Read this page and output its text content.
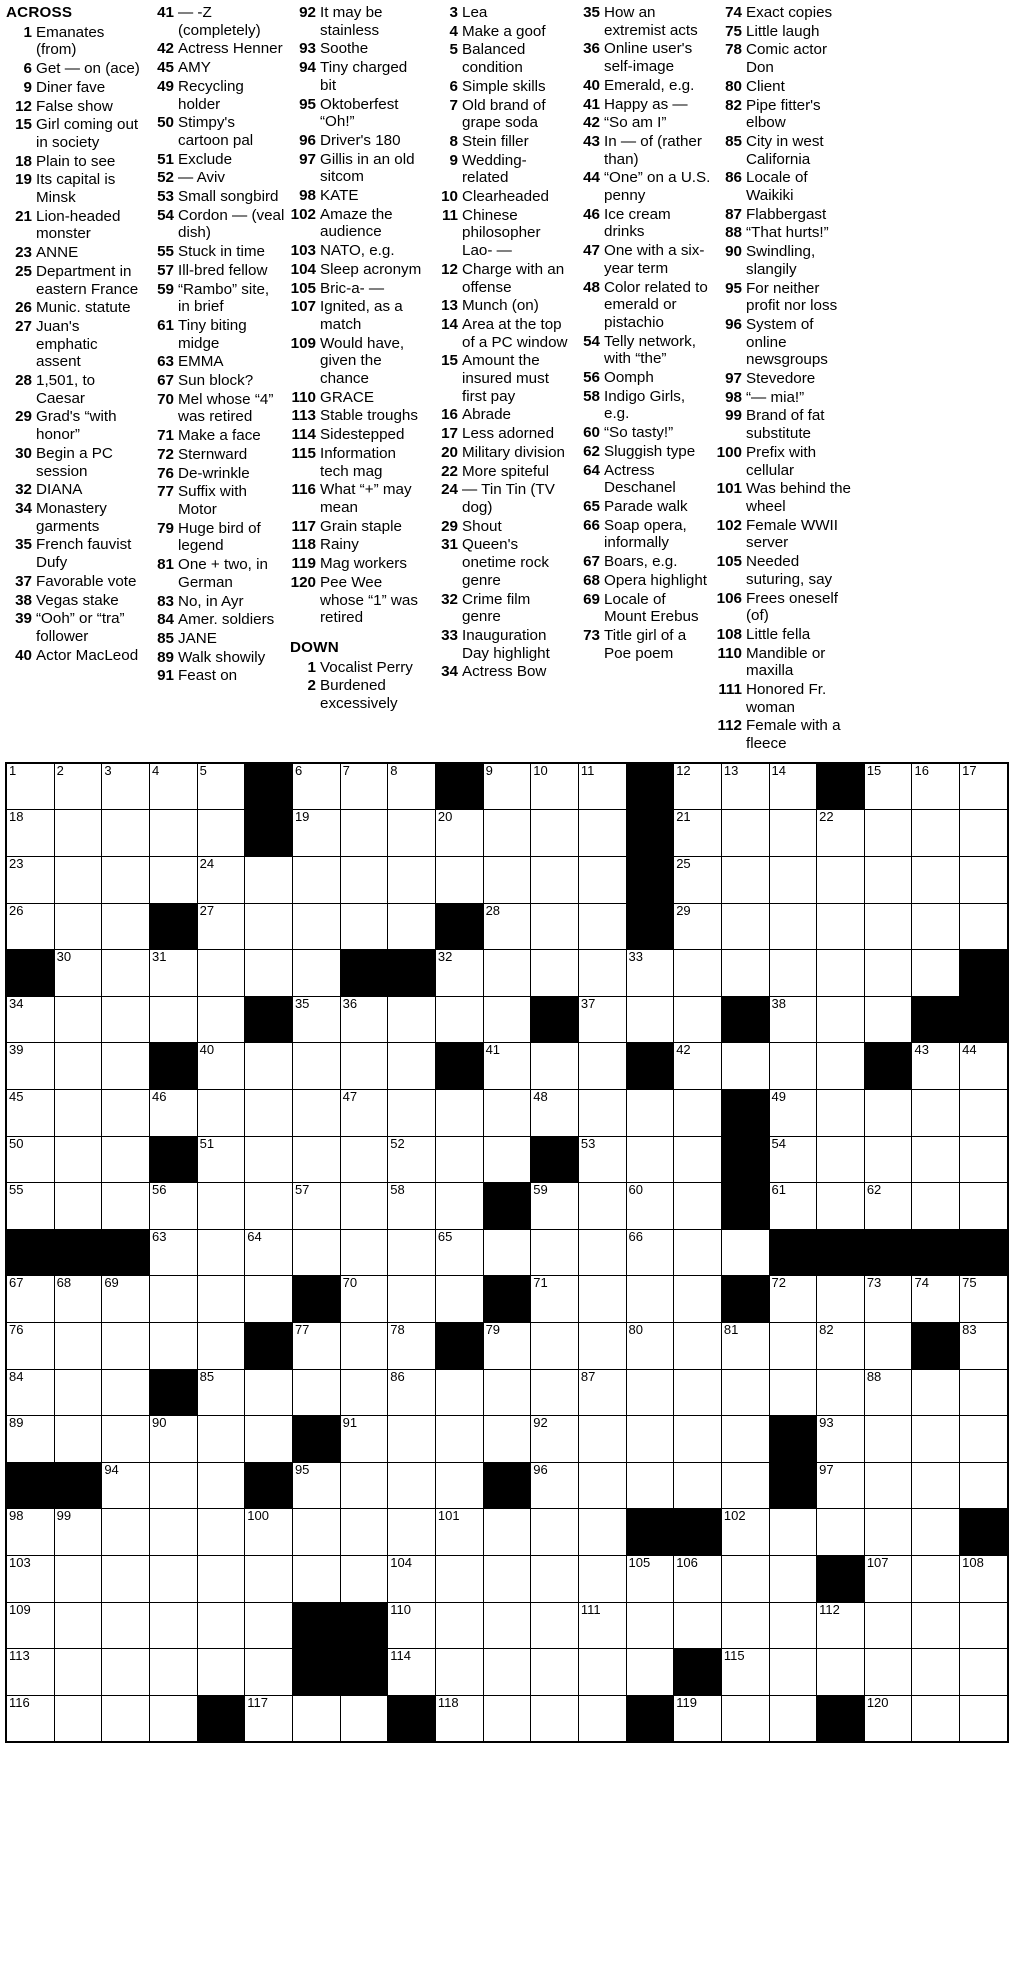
ACROSS
1 Emanates (from)
6 Get — on (ace)
9 Diner fave
12 False show
15 Girl coming out in society
18 Plain to see
19 Its capital is Minsk
21 Lion-headed monster
23 ANNE
25 Department in eastern France
26 Munic. statute
27 Juan's emphatic assent
28 1,501, to Caesar
29 Grad's “with honor”
30 Begin a PC session
32 DIANA
34 Monastery garments
35 French fauvist Dufy
37 Favorable vote
38 Vegas stake
39 “Ooh” or “tra” follower
40 Actor MacLeod
41 — -Z (completely)
42 Actress Henner
45 AMY
49 Recycling holder
50 Stimpy's cartoon pal
51 Exclude
52 — Aviv
53 Small songbird
54 Cordon — (veal dish)
55 Stuck in time
57 Ill-bred fellow
59 “Rambo” site, in brief
61 Tiny biting midge
63 EMMA
67 Sun block?
70 Mel whose “4” was retired
71 Make a face
72 Sternward
76 De-wrinkle
77 Suffix with Motor
79 Huge bird of legend
81 One + two, in German
83 No, in Ayr
84 Amer. soldiers
85 JANE
89 Walk showily
91 Feast on
92 It may be stainless
93 Soothe
94 Tiny charged bit
95 Oktoberfest “Oh!”
96 Driver's 180
97 Gillis in an old sitcom
98 KATE
102 Amaze the audience
103 NATO, e.g.
104 Sleep acronym
105 Bric-a- —
107 Ignited, as a match
109 Would have, given the chance
110 GRACE
113 Stable troughs
114 Sidestepped
115 Information tech mag
116 What “+” may mean
117 Grain staple
118 Rainy
119 Mag workers
120 Pee Wee whose “1” was retired
DOWN
1 Vocalist Perry
2 Burdened excessively
3 Lea
4 Make a goof
5 Balanced condition
6 Simple skills
7 Old brand of grape soda
8 Stein filler
9 Wedding-related
10 Clearheaded
11 Chinese philosopher Lao- —
12 Charge with an offense
13 Munch (on)
14 Area at the top of a PC window
15 Amount the insured must first pay
16 Abrade
17 Less adorned
20 Military division
22 More spiteful
24 — Tin Tin (TV dog)
29 Shout
31 Queen's onetime rock genre
32 Crime film genre
33 Inauguration Day highlight
34 Actress Bow
35 How an extremist acts
36 Online user's self-image
40 Emerald, e.g.
41 Happy as —
42 “So am I”
43 In — of (rather than)
44 “One” on a U.S. penny
46 Ice cream drinks
47 One with a six-year term
48 Color related to emerald or pistachio
54 Telly network, with “the”
56 Oomph
58 Indigo Girls, e.g.
60 “So tasty!”
62 Sluggish type
64 Actress Deschanel
65 Parade walk
66 Soap opera, informally
67 Boars, e.g.
68 Opera highlight
69 Locale of Mount Erebus
73 Title girl of a Poe poem
74 Exact copies
75 Little laugh
78 Comic actor Don
80 Client
82 Pipe fitter's elbow
85 City in west California
86 Locale of Waikiki
87 Flabbergast
88 “That hurts!”
90 Swindling, slangily
95 For neither profit nor loss
96 System of online newsgroups
97 Stevedore
98 “— mia!”
99 Brand of fat substitute
100 Prefix with cellular
101 Was behind the wheel
102 Female WWII server
105 Needed suturing, say
106 Frees oneself (of)
108 Little fella
110 Mandible or maxilla
111 Honored Fr. woman
112 Female with a fleece
1	2	3	4	5		6	7	8		9	10	11		12	13	14		15	16	17

18						19			20					21			22			

23				24										25						

26				27						28				29						

	30		31						32				33							

34						35	36					37				38				

39				40						41				42					43	44

45			46				47				48					49				

50				51				52				53				54				

55			56			57		58			59		60			61		62		

			63		64				65				66							

67	68	69					70				71					72		73	74	75

76						77		78		79			80		81		82			83

84				85				86				87						88		

89			90				91				92						93			

		94				95					96						97			

98	99				100				101						102					

103								104					105	106				107		108

109								110				111					112			

113								114							115					

116					117				118					119				120		
